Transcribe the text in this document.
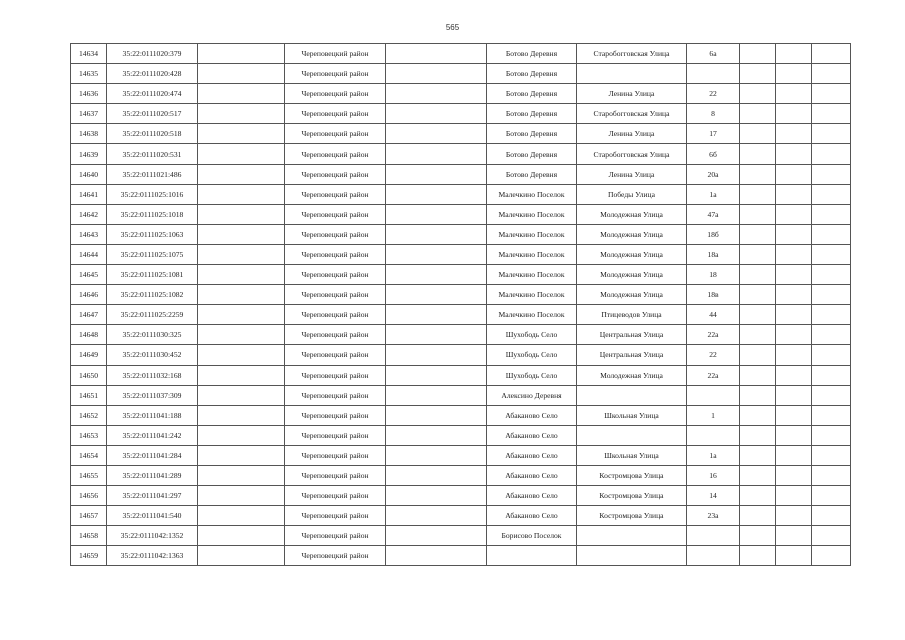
565
14634	35:22:0111020:379		Череповецкий район		Ботово Деревня	Старобогговская Улица	6а			
14635	35:22:0111020:428		Череповецкий район		Ботово Деревня					
14636	35:22:0111020:474		Череповецкий район		Ботово Деревня	Ленина Улица	22			
14637	35:22:0111020:517		Череповецкий район		Ботово Деревня	Старобогговская Улица	8			
14638	35:22:0111020:518		Череповецкий район		Ботово Деревня	Ленина Улица	17			
14639	35:22:0111020:531		Череповецкий район		Ботово Деревня	Старобогговская Улица	6б			
14640	35:22:0111021:486		Череповецкий район		Ботово Деревня	Ленина Улица	20а			
14641	35:22:0111025:1016		Череповецкий район		Малечкино Поселок	Победы Улица	1а			
14642	35:22:0111025:1018		Череповецкий район		Малечкино Поселок	Молодежная Улица	47а			
14643	35:22:0111025:1063		Череповецкий район		Малечкино Поселок	Молодежная Улица	18б			
14644	35:22:0111025:1075		Череповецкий район		Малечкино Поселок	Молодежная Улица	18а			
14645	35:22:0111025:1081		Череповецкий район		Малечкино Поселок	Молодежная Улица	18			
14646	35:22:0111025:1082		Череповецкий район		Малечкино Поселок	Молодежная Улица	18в			
14647	35:22:0111025:2259		Череповецкий район		Малечкино Поселок	Птицеводов Улица	44			
14648	35:22:0111030:325		Череповецкий район		Шухободь Село	Центральная Улица	22а			
14649	35:22:0111030:452		Череповецкий район		Шухободь Село	Центральная Улица	22			
14650	35:22:0111032:168		Череповецкий район		Шухободь Село	Молодежная Улица	22а			
14651	35:22:0111037:309		Череповецкий район		Алексино Деревня					
14652	35:22:0111041:188		Череповецкий район		Абаканово Село	Школьная Улица	1			
14653	35:22:0111041:242		Череповецкий район		Абаканово Село					
14654	35:22:0111041:284		Череповецкий район		Абаканово Село	Школьная Улица	1а			
14655	35:22:0111041:289		Череповецкий район		Абаканово Село	Костромцова Улица	16			
14656	35:22:0111041:297		Череповецкий район		Абаканово Село	Костромцова Улица	14			
14657	35:22:0111041:540		Череповецкий район		Абаканово Село	Костромцова Улица	23а			
14658	35:22:0111042:1352		Череповецкий район		Борисово Поселок					
14659	35:22:0111042:1363		Череповецкий район							
